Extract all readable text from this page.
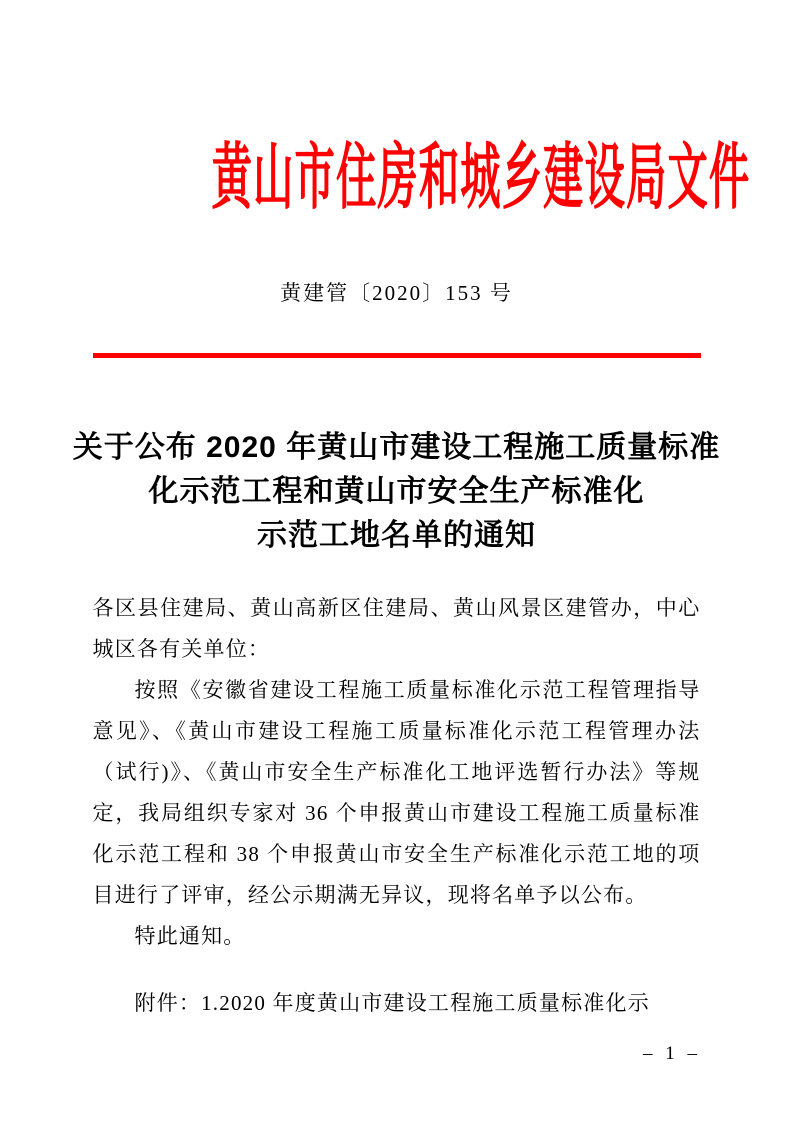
黄山市住房和城乡建设局文件
黄建管〔2020〕153 号
关于公布 2020 年黄山市建设工程施工质量标准
化示范工程和黄山市安全生产标准化
示范工地名单的通知

各区县住建局、黄山高新区住建局、黄山风景区建管办，中心城区各有关单位：

按照《安徽省建设工程施工质量标准化示范工程管理指导意见》、《黄山市建设工程施工质量标准化示范工程管理办法（试行)》、《黄山市安全生产标准化工地评选暂行办法》等规定，我局组织专家对 36 个申报黄山市建设工程施工质量标准化示范工程和 38 个申报黄山市安全生产标准化示范工地的项目进行了评审，经公示期满无异议，现将名单予以公布。

特此通知。

附件：1.2020 年度黄山市建设工程施工质量标准化示

– 1 –
